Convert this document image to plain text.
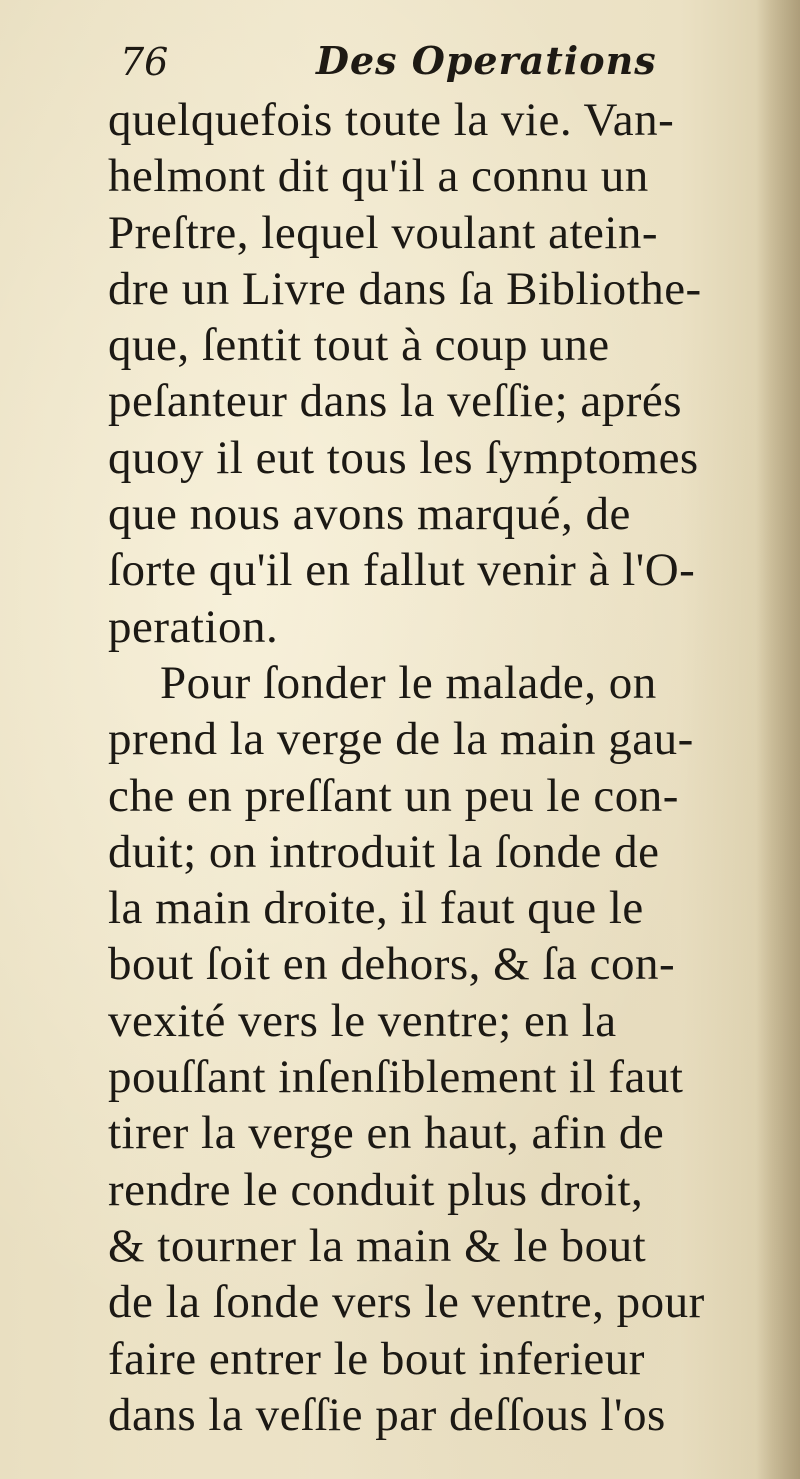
76	Des Operations
quelquefois toute la vie. Van-
helmont dit qu'il a connu un
Preſtre, lequel voulant atein-
dre un Livre dans ſa Bibliothe-
que, ſentit tout à coup une
peſanteur dans la veſſie; aprés
quoy il eut tous les ſymptomes
que nous avons marqué, de
ſorte qu'il en fallut venir à l'O-
peration.
Pour ſonder le malade, on
prend la verge de la main gau-
che en preſſant un peu le con-
duit; on introduit la ſonde de
la main droite, il faut que le
bout ſoit en dehors, & ſa con-
vexité vers le ventre; en la
pouſſant inſenſiblement il faut
tirer la verge en haut, afin de
rendre le conduit plus droit,
& tourner la main & le bout
de la ſonde vers le ventre, pour
faire entrer le bout inferieur
dans la veſſie par deſſous l'os
